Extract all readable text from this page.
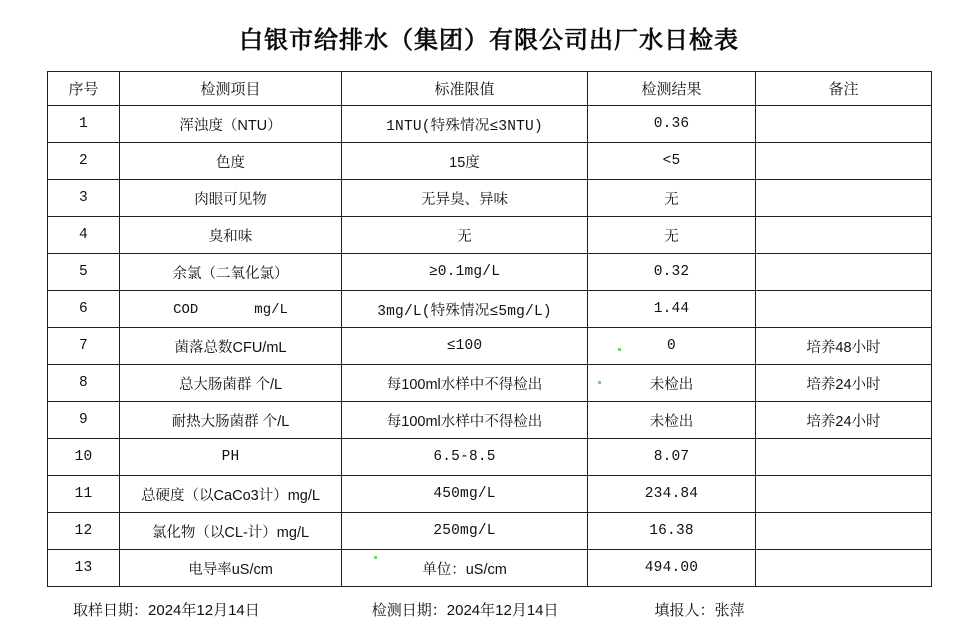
白银市给排水（集团）有限公司出厂水日检表
序号	检测项目	标准限值	检测结果	备注
1	浑浊度（NTU）	1NTU(特殊情况≤3NTU)	0.36	
2	色度	15度	<5	
3	肉眼可见物	无异臭、异味	无	
4	臭和味	无	无	
5	余氯（二氧化氯）	≥0.1mg/L	0.32	
6	COD mg/L	3mg/L(特殊情况≤5mg/L)	1.44	
7	菌落总数CFU/mL	≤100	0	培养48小时
8	总大肠菌群 个/L	每100ml水样中不得检出	未检出	培养24小时
9	耐热大肠菌群 个/L	每100ml水样中不得检出	未检出	培养24小时
10	PH	6.5-8.5	8.07	
11	总硬度（以CaCo3计）mg/L	450mg/L	234.84	
12	氯化物（以CL-计）mg/L	250mg/L	16.38	
13	电导率uS/cm	单位：uS/cm	494.00	
取样日期： 2024年12月14日	检测日期： 2024年12月14日	填报人： 张萍
